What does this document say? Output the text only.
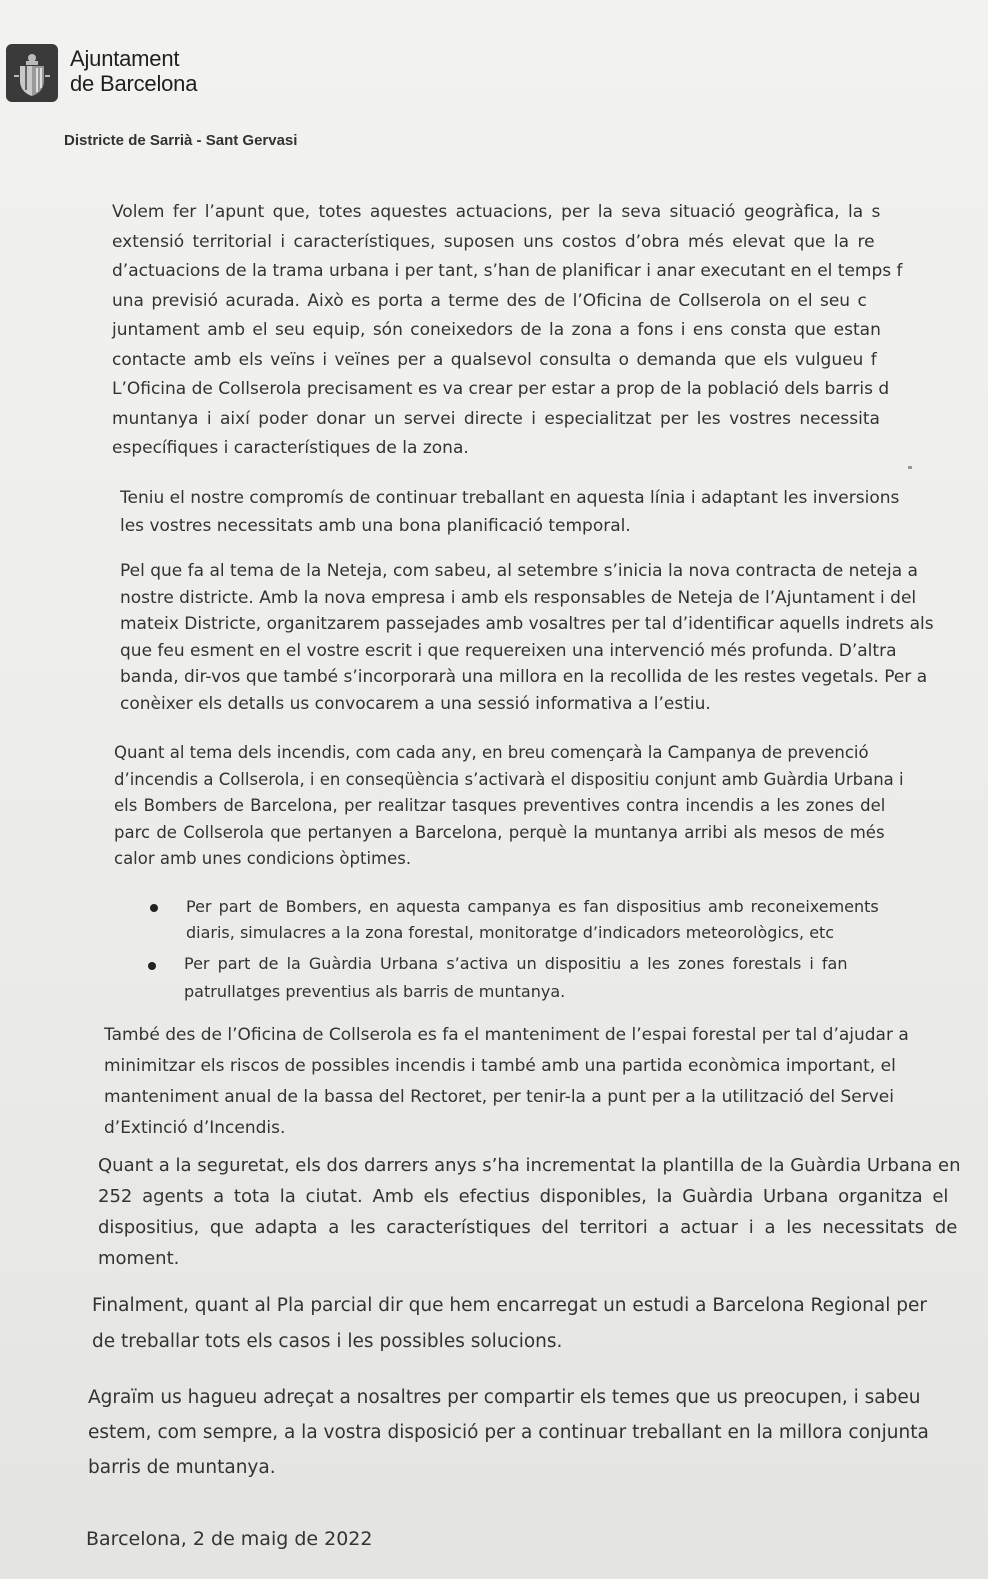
Ajuntament
de Barcelona
Districte de Sarrià - Sant Gervasi
Volem fer l’apunt que, totes aquestes actuacions, per la seva situació geogràfica, la s
extensió territorial i característiques, suposen uns costos d’obra més elevat que la re
d’actuacions de la trama urbana i per tant, s’han de planificar i anar executant en el temps f
una previsió acurada. Això es porta a terme des de l’Oficina de Collserola on el seu c
juntament amb el seu equip, són coneixedors de la zona a fons i ens consta que estan
contacte amb els veïns i veïnes per a qualsevol consulta o demanda que els vulgueu f
L’Oficina de Collserola precisament es va crear per estar a prop de la població dels barris d
muntanya i així poder donar un servei directe i especialitzat per les vostres necessita
específiques i característiques de la zona.
Teniu el nostre compromís de continuar treballant en aquesta línia i adaptant les inversions
les vostres necessitats amb una bona planificació temporal.
Pel que fa al tema de la Neteja, com sabeu, al setembre s’inicia la nova contracta de neteja a
nostre districte. Amb la nova empresa i amb els responsables de Neteja de l’Ajuntament i del
mateix Districte, organitzarem passejades amb vosaltres per tal d’identificar aquells indrets als
que feu esment en el vostre escrit i que requereixen una intervenció més profunda. D’altra
banda, dir-vos que també s’incorporarà una millora en la recollida de les restes vegetals. Per a
conèixer els detalls us convocarem a una sessió informativa a l’estiu.
Quant al tema dels incendis, com cada any, en breu començarà la Campanya de prevenció
d’incendis a Collserola, i en conseqüència s’activarà el dispositiu conjunt amb Guàrdia Urbana i
els Bombers de Barcelona, per realitzar tasques preventives contra incendis a les zones del
parc de Collserola que pertanyen a Barcelona, perquè la muntanya arribi als mesos de més
calor amb unes condicions òptimes.
Per part de Bombers, en aquesta campanya es fan dispositius amb reconeixements
diaris, simulacres a la zona forestal, monitoratge d’indicadors meteorològics, etc
Per part de la Guàrdia Urbana s’activa un dispositiu a les zones forestals i fan
patrullatges preventius als barris de muntanya.
També des de l’Oficina de Collserola es fa el manteniment de l’espai forestal per tal d’ajudar a
minimitzar els riscos de possibles incendis i també amb una partida econòmica important, el
manteniment anual de la bassa del Rectoret, per tenir-la a punt per a la utilització del Servei
d’Extinció d’Incendis.
Quant a la seguretat, els dos darrers anys s’ha incrementat la plantilla de la Guàrdia Urbana en
252 agents a tota la ciutat. Amb els efectius disponibles, la Guàrdia Urbana organitza el
dispositius, que adapta a les característiques del territori a actuar i a les necessitats de
moment.
Finalment, quant al Pla parcial dir que hem encarregat un estudi a Barcelona Regional per
de treballar tots els casos i les possibles solucions.
Agraïm us hagueu adreçat a nosaltres per compartir els temes que us preocupen, i sabeu
estem, com sempre, a la vostra disposició per a continuar treballant en la millora conjunta
barris de muntanya.
Barcelona, 2 de maig de 2022
